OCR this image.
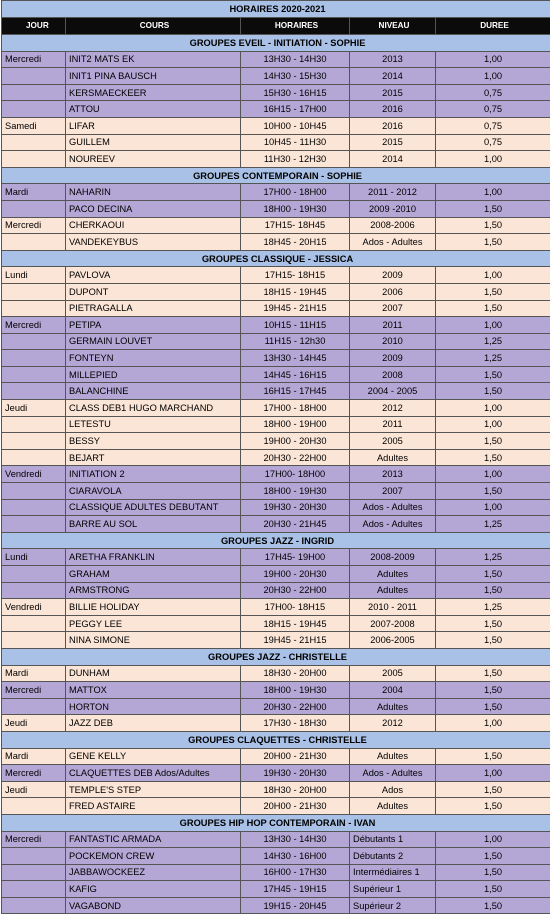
HORAIRES 2020-2021				
JOUR	COURS	HORAIRES	NIVEAU	DUREE
GROUPES EVEIL - INITIATION - SOPHIE				
Mercredi	INIT2 MATS EK	13H30 - 14H30	2013	1,00
	INIT1 PINA BAUSCH	14H30 - 15H30	2014	1,00
	KERSMAECKEER	15H30 - 16H15	2015	0,75
	ATTOU	16H15 - 17H00	2016	0,75
Samedi	LIFAR	10H00 - 10H45	2016	0,75
	GUILLEM	10H45 - 11H30	2015	0,75
	NOUREEV	11H30 - 12H30	2014	1,00
GROUPES CONTEMPORAIN - SOPHIE				
Mardi	NAHARIN	17H00 - 18H00	2011 - 2012	1,00
	PACO DECINA	18H00 - 19H30	2009 -2010	1,50
Mercredi	CHERKAOUI	17H15- 18H45	2008-2006	1,50
	VANDEKEYBUS	18H45 - 20H15	Ados - Adultes	1,50
GROUPES CLASSIQUE - JESSICA				
Lundi	PAVLOVA	17H15- 18H15	2009	1,00
	DUPONT	18H15 - 19H45	2006	1,50
	PIETRAGALLA	19H45 - 21H15	2007	1,50
Mercredi	PETIPA	10H15 - 11H15	2011	1,00
	GERMAIN LOUVET	11H15 - 12h30	2010	1,25
	FONTEYN	13H30 - 14H45	2009	1,25
	MILLEPIED	14H45 - 16H15	2008	1,50
	BALANCHINE	16H15 - 17H45	2004 - 2005	1,50
Jeudi	CLASS DEB1 HUGO MARCHAND	17H00 - 18H00	2012	1,00
	LETESTU	18H00 - 19H00	2011	1,00
	BESSY	19H00 - 20H30	2005	1,50
	BEJART	20H30 - 22H00	Adultes	1,50
Vendredi	INITIATION 2	17H00- 18H00	2013	1,00
	CIARAVOLA	18H00 - 19H30	2007	1,50
	CLASSIQUE ADULTES DEBUTANT	19H30 - 20H30	Ados - Adultes	1,00
	BARRE AU SOL	20H30 - 21H45	Ados - Adultes	1,25
GROUPES JAZZ - INGRID				
Lundi	ARETHA FRANKLIN	17H45- 19H00	2008-2009	1,25
	GRAHAM	19H00 - 20H30	Adultes	1,50
	ARMSTRONG	20H30 - 22H00	Adultes	1,50
Vendredi	BILLIE HOLIDAY	17H00- 18H15	2010 - 2011	1,25
	PEGGY LEE	18H15 - 19H45	2007-2008	1,50
	NINA SIMONE	19H45 - 21H15	2006-2005	1,50
GROUPES JAZZ - CHRISTELLE				
Mardi	DUNHAM	18H30 - 20H00	2005	1,50
Mercredi	MATTOX	18H00 - 19H30	2004	1,50
	HORTON	20H30 - 22H00	Adultes	1,50
Jeudi	JAZZ DEB	17H30 - 18H30	2012	1,00
GROUPES CLAQUETTES - CHRISTELLE				
Mardi	GENE KELLY	20H00 - 21H30	Adultes	1,50
Mercredi	CLAQUETTES DEB Ados/Adultes	19H30 - 20H30	Ados - Adultes	1,00
Jeudi	TEMPLE'S STEP	18H30 - 20H00	Ados	1,50
	FRED ASTAIRE	20H00 - 21H30	Adultes	1,50
GROUPES HIP HOP CONTEMPORAIN - IVAN				
Mercredi	FANTASTIC ARMADA	13H30 - 14H30	Débutants 1	1,00
	POCKEMON CREW	14H30 - 16H00	Débutants 2	1,50
	JABBAWOCKEEZ	16H00 - 17H30	Intermédiaires 1	1,50
	KAFIG	17H45 - 19H15	Supérieur 1	1,50
	VAGABOND	19H15 - 20H45	Supérieur 2	1,50
